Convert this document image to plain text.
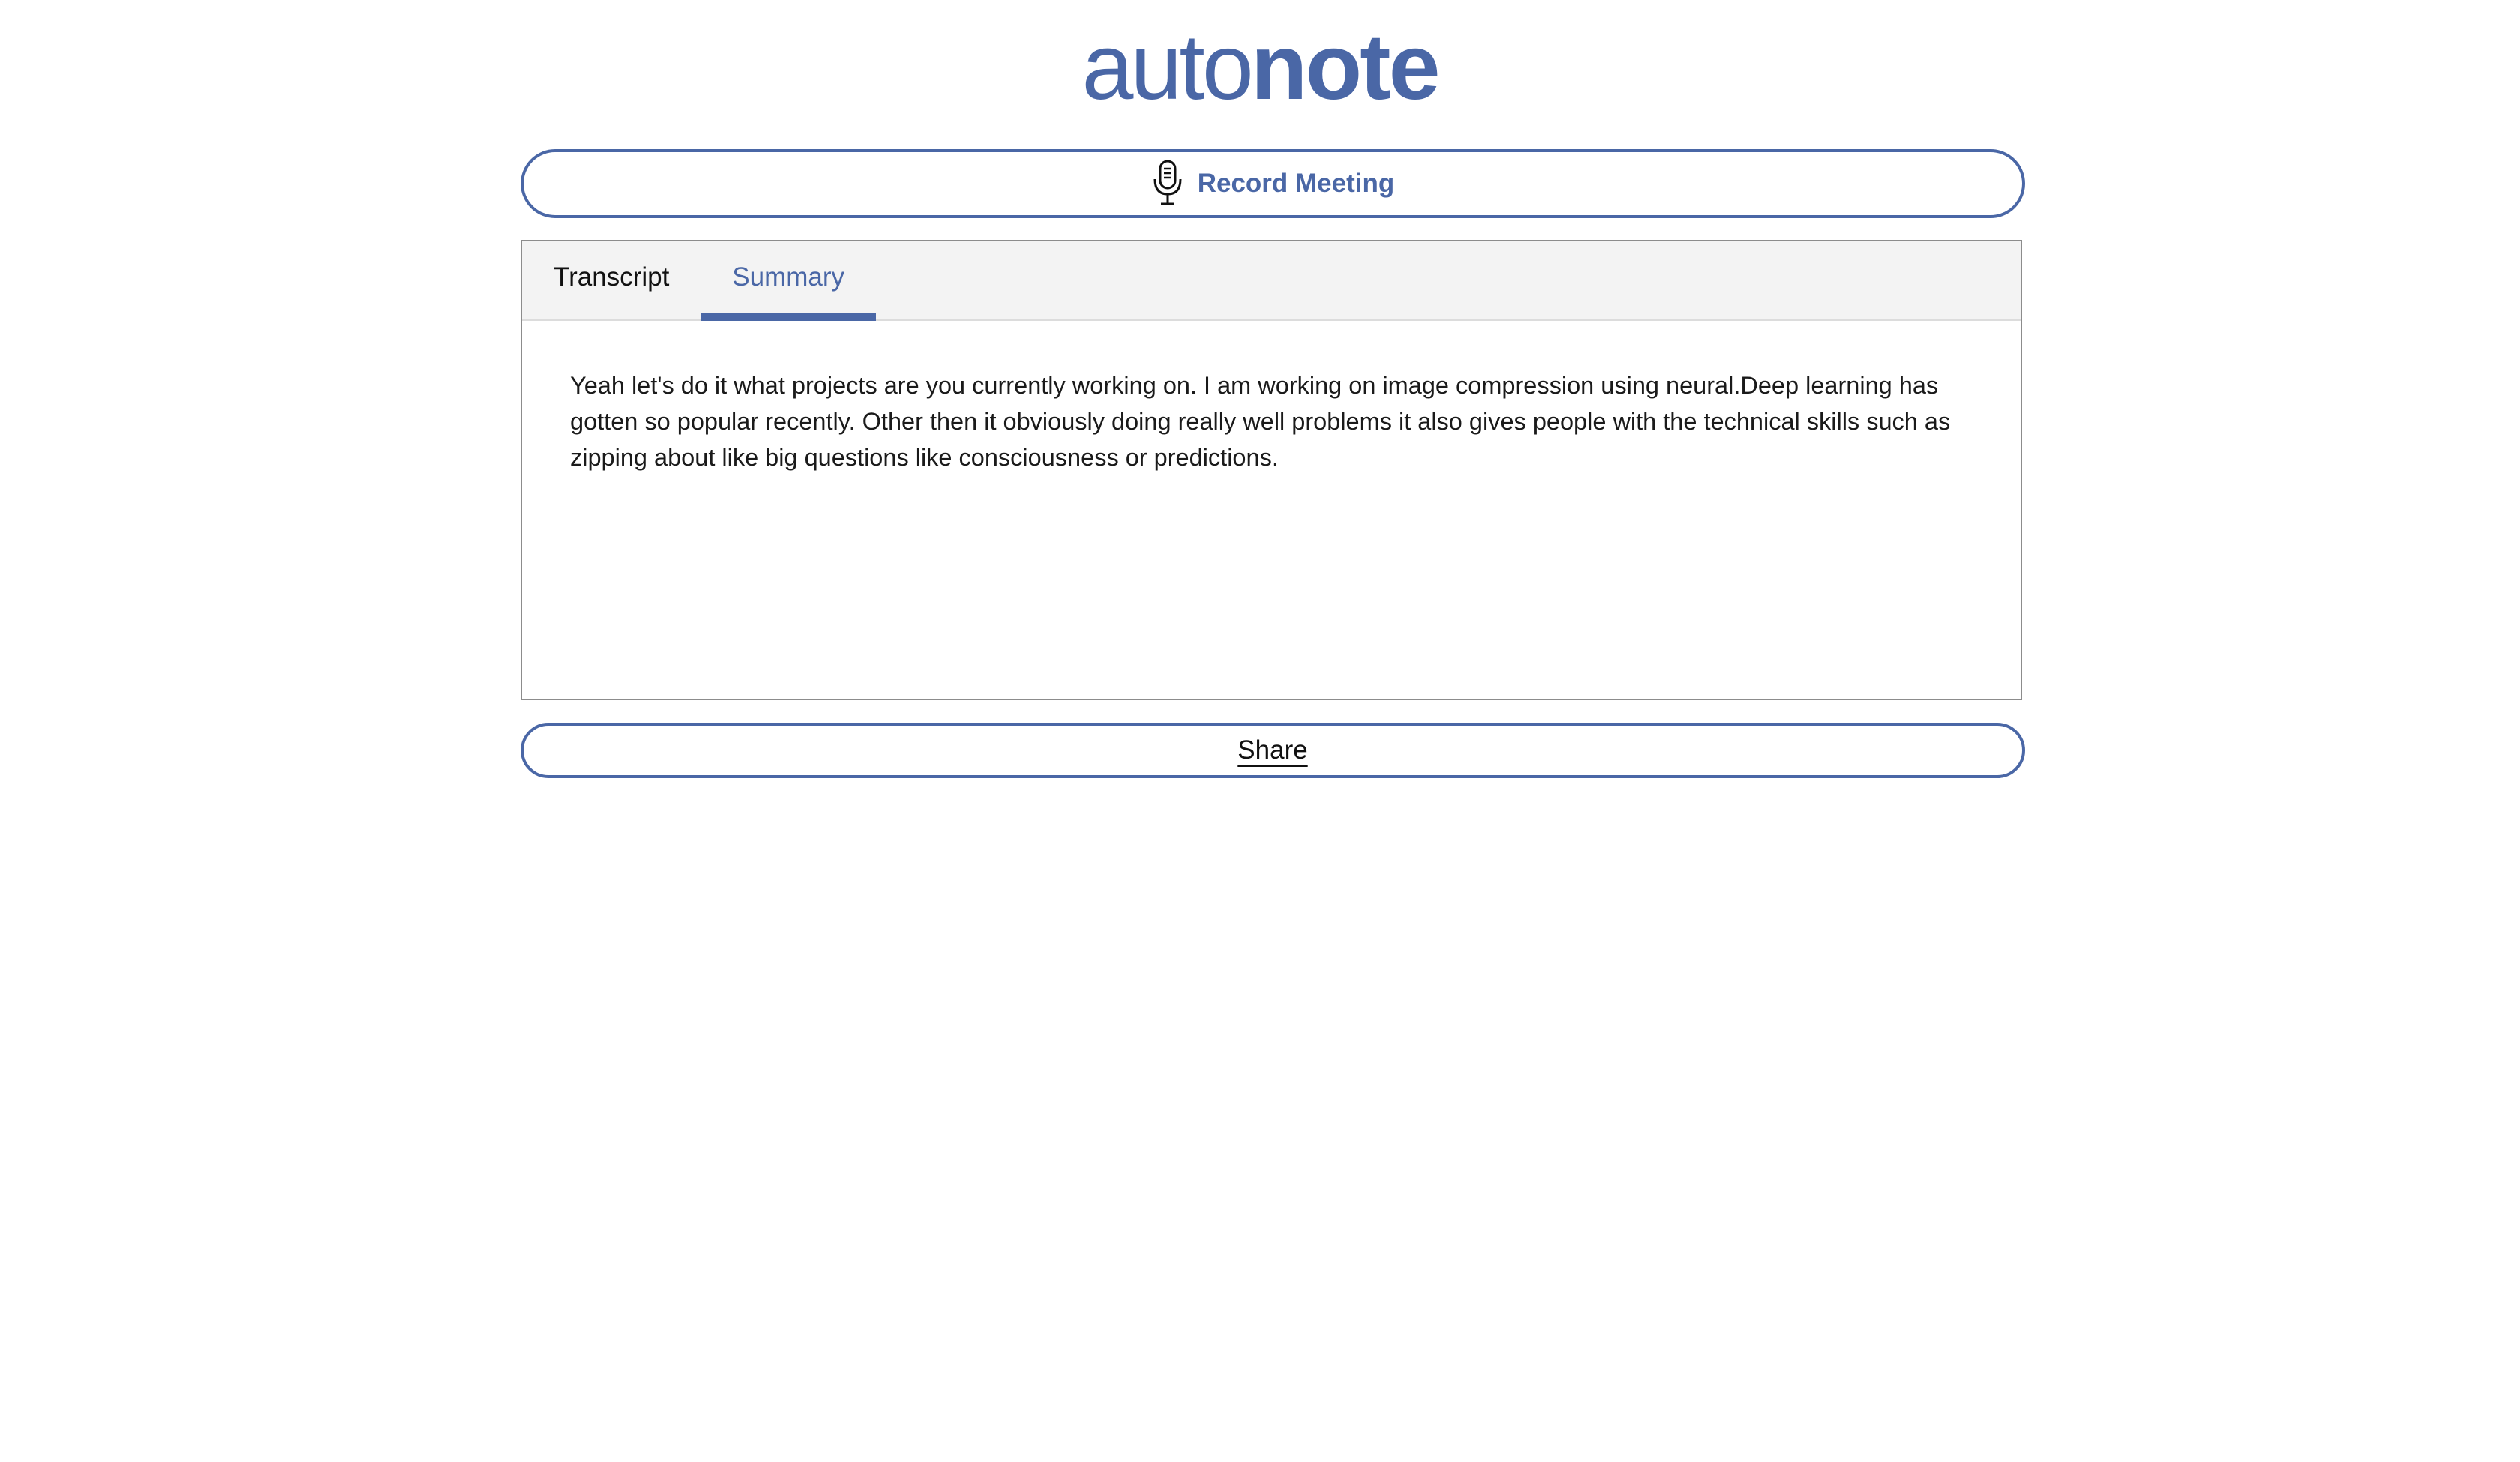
autonote
Record Meeting
Transcript	Summary
Yeah let's do it what projects are you currently working on. I am working on image compression using neural.Deep learning has gotten so popular recently. Other then it obviously doing really well problems it also gives people with the technical skills such as zipping about like big questions like consciousness or predictions.
Share
